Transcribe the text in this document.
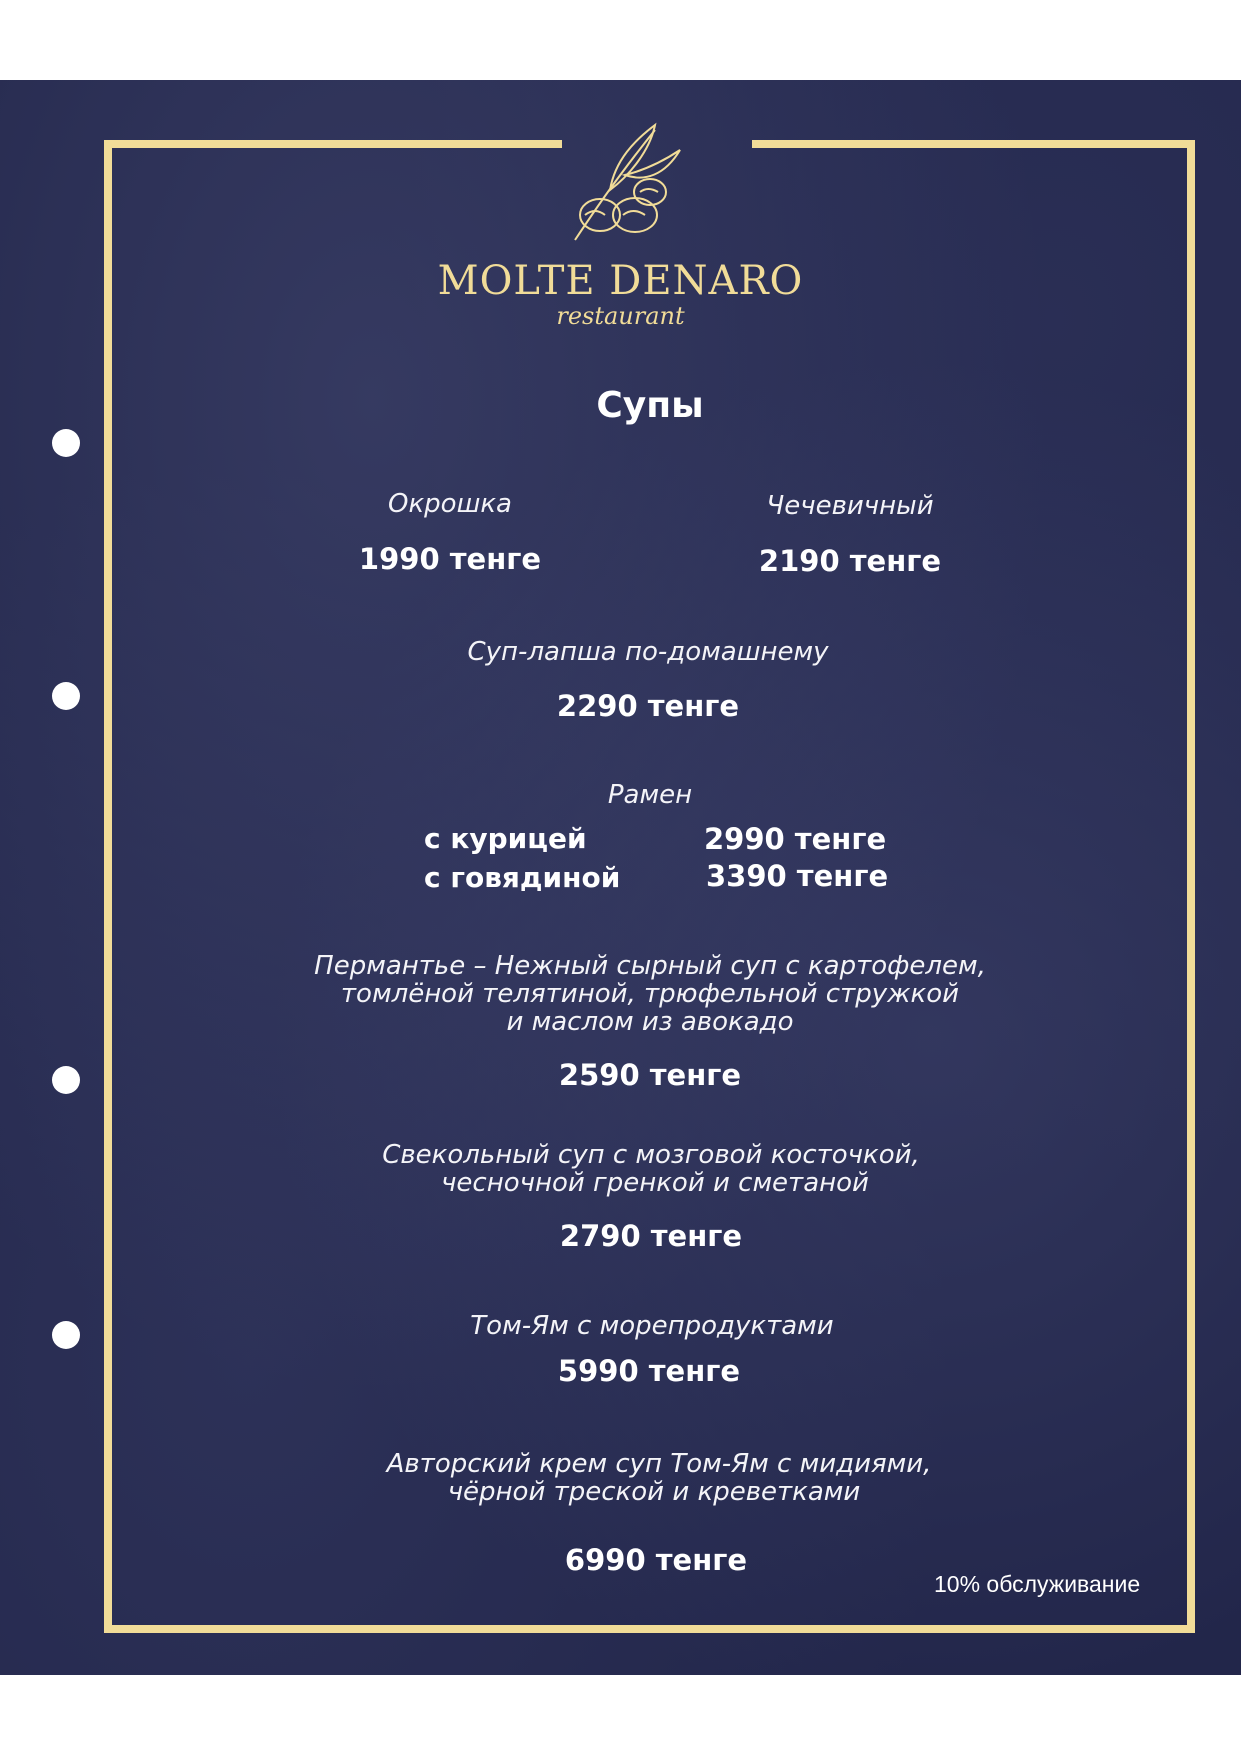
MOLTE DENARO
restaurant
Супы
Окрошка
1990 тенге
Чечевичный
2190 тенге
Суп-лапша по-домашнему
2290 тенге
Рамен
с курицей	2990 тенге
с говядиной	3390 тенге
Пермантье – Нежный сырный суп с картофелем,
томлёной телятиной, трюфельной стружкой
и маслом из авокадо
2590 тенге
Свекольный суп с мозговой косточкой,
чесночной гренкой и сметаной
2790 тенге
Том-Ям с морепродуктами
5990 тенге
Авторский крем суп Том-Ям с мидиями,
чёрной треской и креветками
6990 тенге
10% обслуживание
